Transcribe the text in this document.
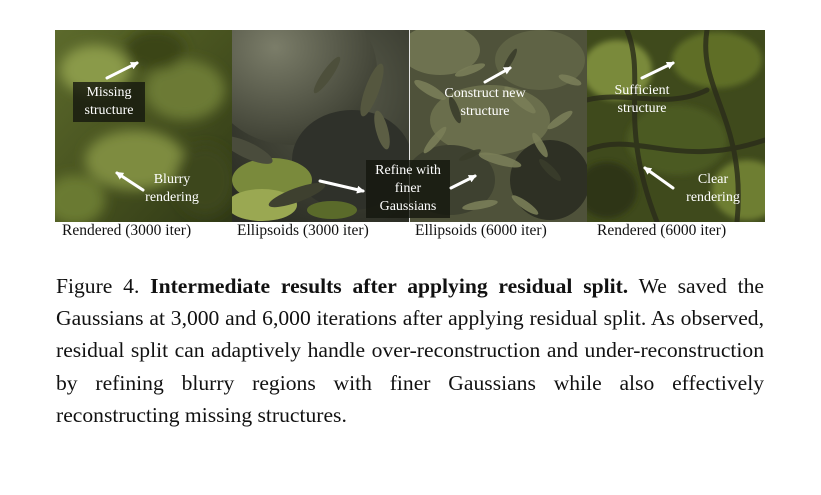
Missing structure
Blurry rendering
Construct new structure
Sufficient structure
Clear rendering
Refine with finer Gaussians
Rendered (3000 iter)	Ellipsoids (3000 iter)	Ellipsoids (6000 iter)	Rendered (6000 iter)
Figure 4. Intermediate results after applying residual split. We saved the Gaussians at 3,000 and 6,000 iterations after applying residual split. As observed, residual split can adaptively handle over-reconstruction and under-reconstruction by refining blurry regions with finer Gaussians while also effectively reconstructing missing structures.
